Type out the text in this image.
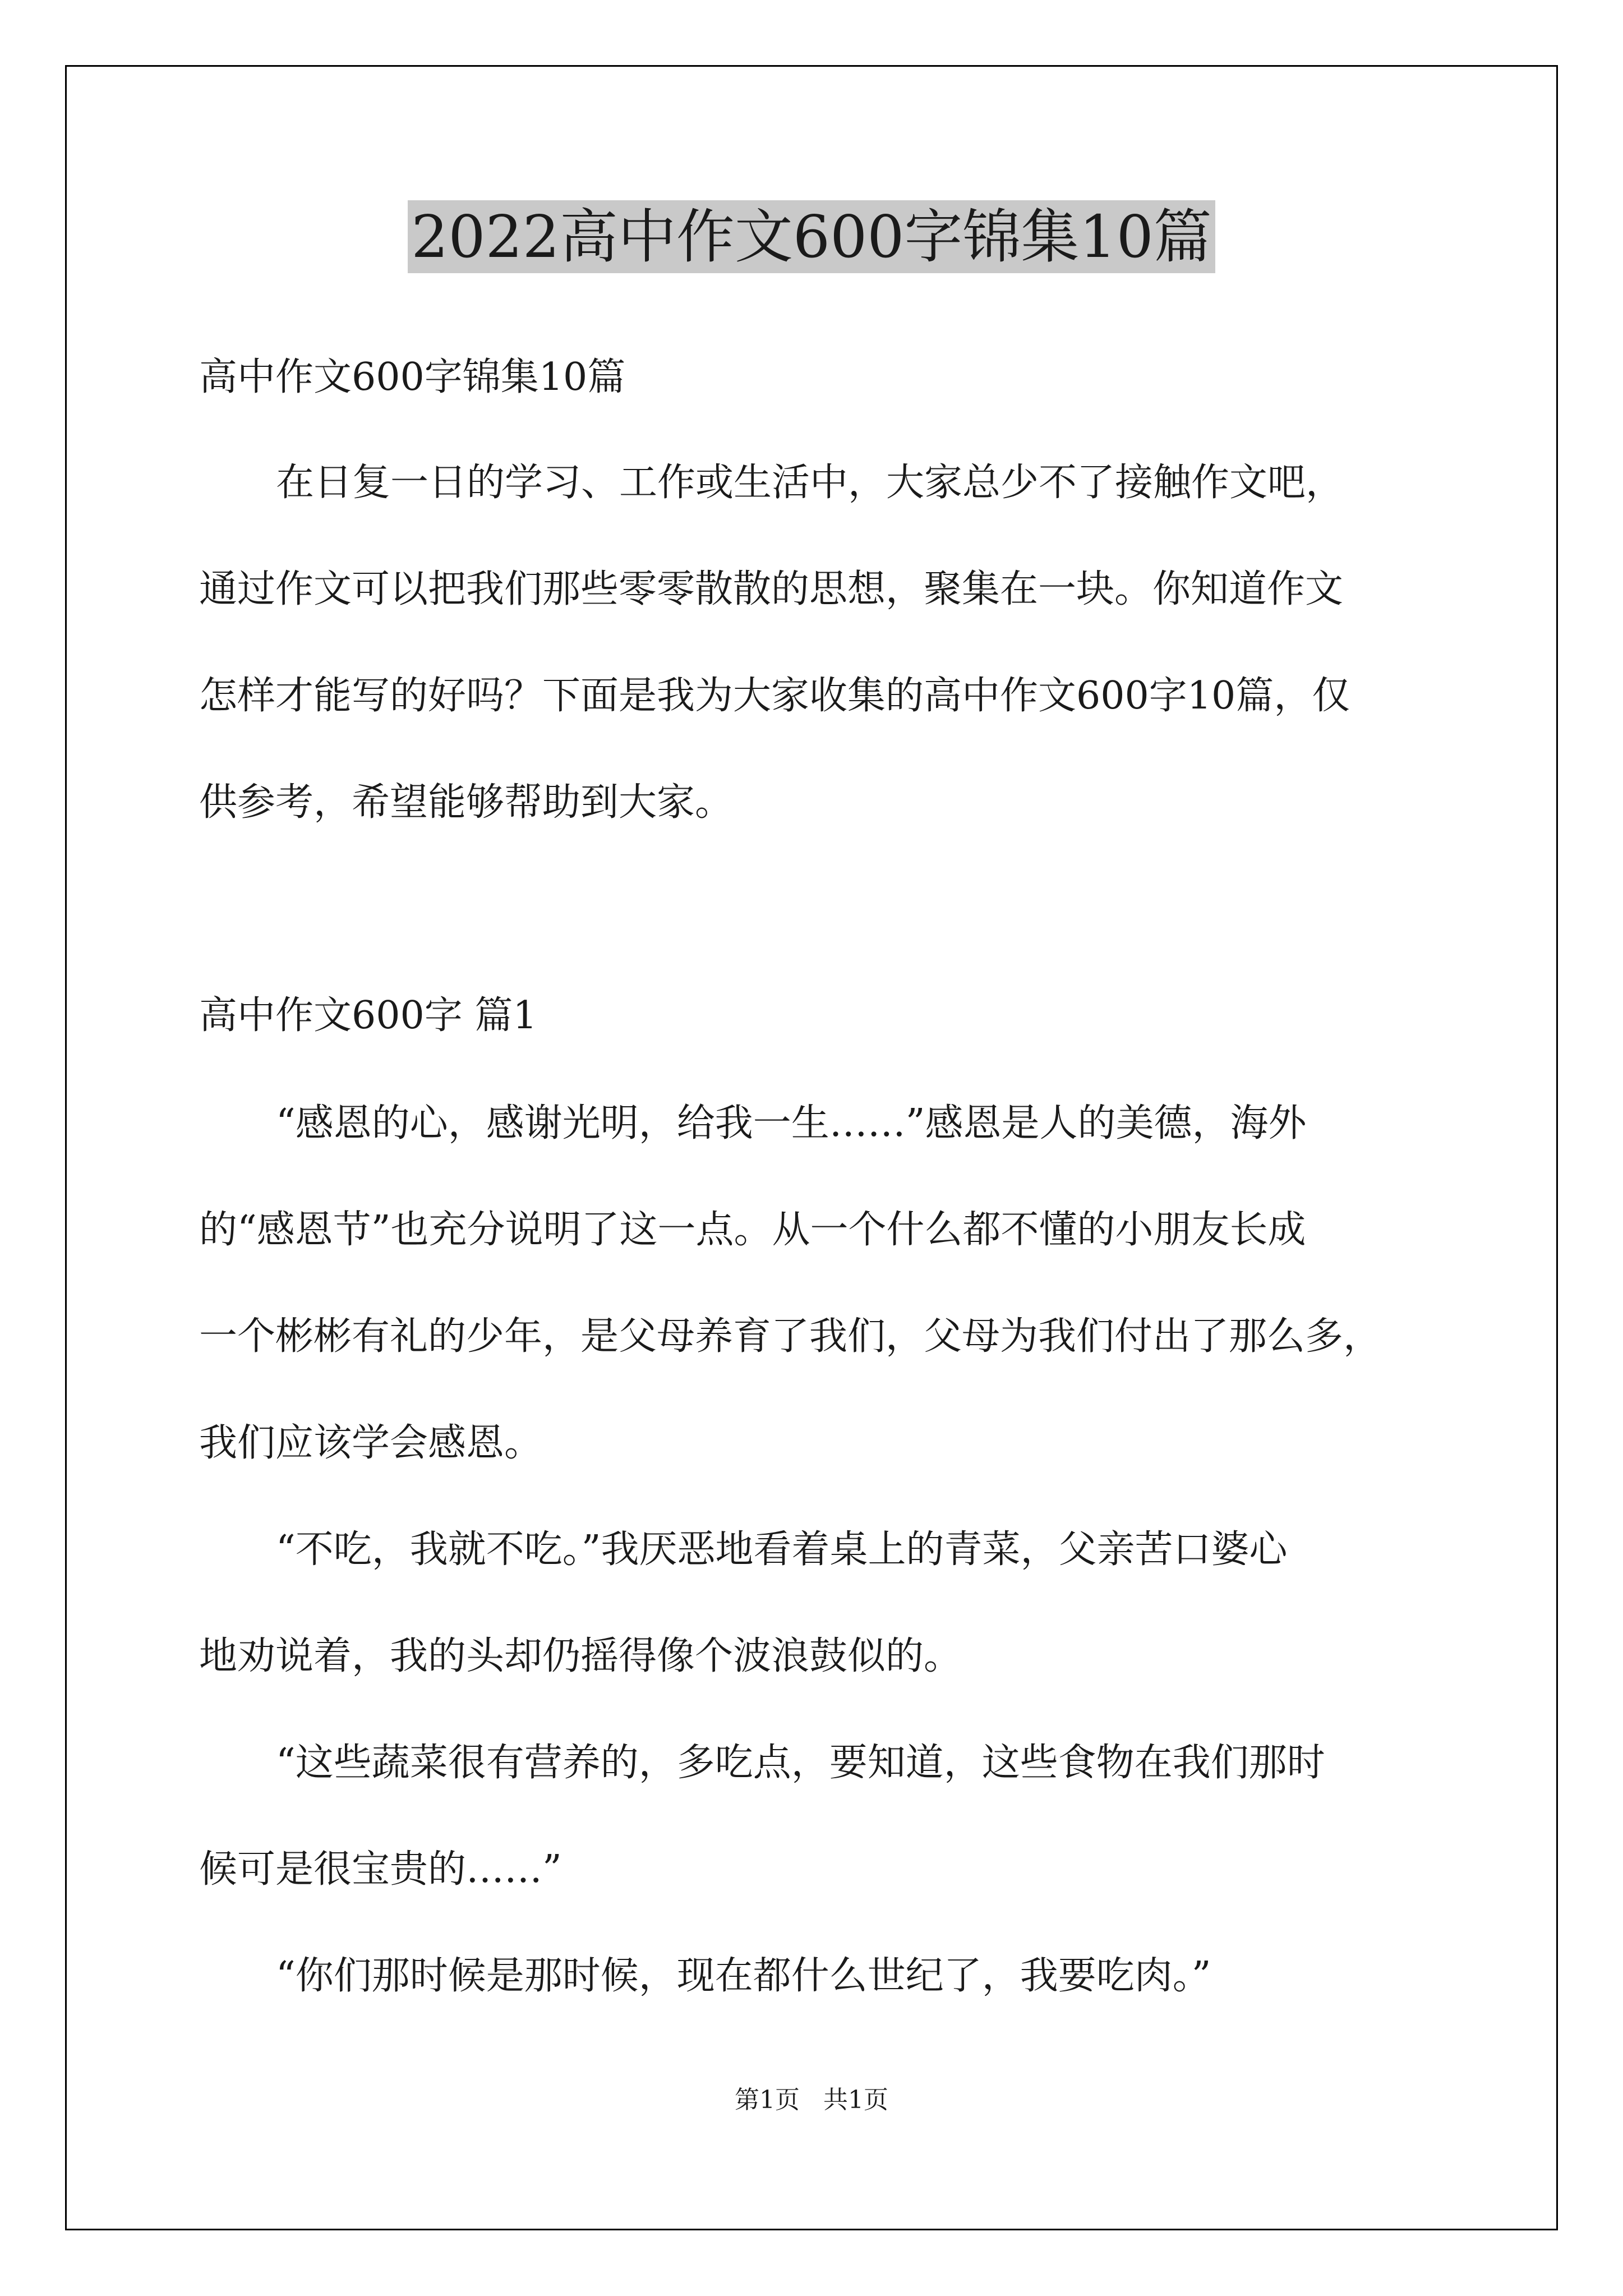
2022高中作文600字锦集10篇

高中作文600字锦集10篇

在日复一日的学习、工作或生活中，大家总少不了接触作文吧，

通过作文可以把我们那些零零散散的思想，聚集在一块。你知道作文

怎样才能写的好吗？下面是我为大家收集的高中作文600字10篇，仅

供参考，希望能够帮助到大家。

高中作文600字 篇1

“感恩的心，感谢光明，给我一生……”感恩是人的美德，海外

的“感恩节”也充分说明了这一点。从一个什么都不懂的小朋友长成

一个彬彬有礼的少年，是父母养育了我们，父母为我们付出了那么多，

我们应该学会感恩。

“不吃，我就不吃。”我厌恶地看着桌上的青菜，父亲苦口婆心

地劝说着，我的头却仍摇得像个波浪鼓似的。

“这些蔬菜很有营养的，多吃点，要知道，这些食物在我们那时

候可是很宝贵的……”

“你们那时候是那时候，现在都什么世纪了，我要吃肉。”

第1页   共1页
